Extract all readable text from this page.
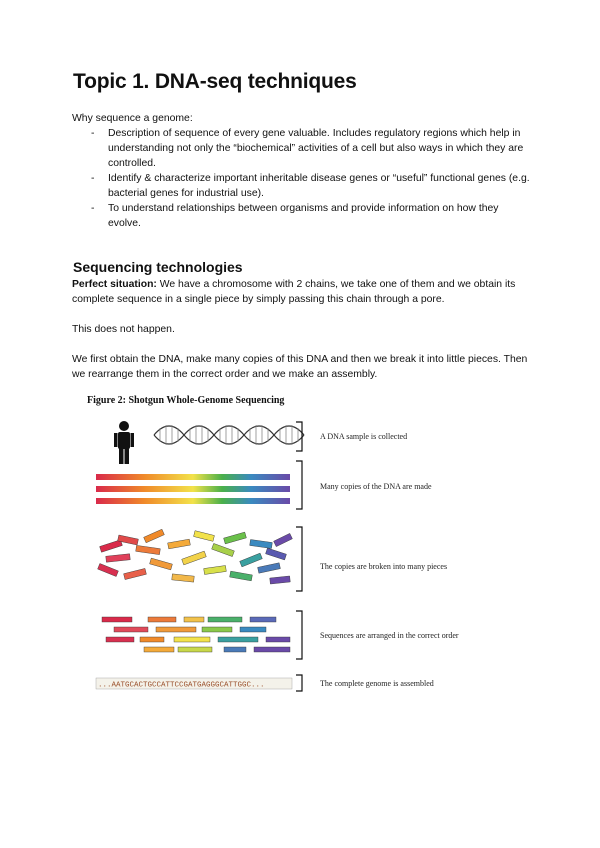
Topic 1. DNA-seq techniques

Why sequence a genome:

- Description of sequence of every gene valuable. Includes regulatory regions which help in understanding not only the “biochemical” activities of a cell but also ways in which they are controlled.
- Identify & characterize important inheritable disease genes or “useful” functional genes (e.g. bacterial genes for industrial use).
- To understand relationships between organisms and provide information on how they evolve.
Sequencing technologies

Perfect situation: We have a chromosome with 2 chains, we take one of them and we obtain its complete sequence in a single piece by simply passing this chain through a pore.

This does not happen.

We first obtain the DNA, make many copies of this DNA and then we break it into little pieces. Then we rearrange them in the correct order and we make an assembly.

Figure 2: Shotgun Whole-Genome Sequencing
...AATGCACTGCCATTCCGATGAGGGCATTGGC...
A DNA sample is collected
Many copies of the DNA are made
The copies are broken into many pieces
Sequences are arranged in the correct order
The complete genome is assembled
